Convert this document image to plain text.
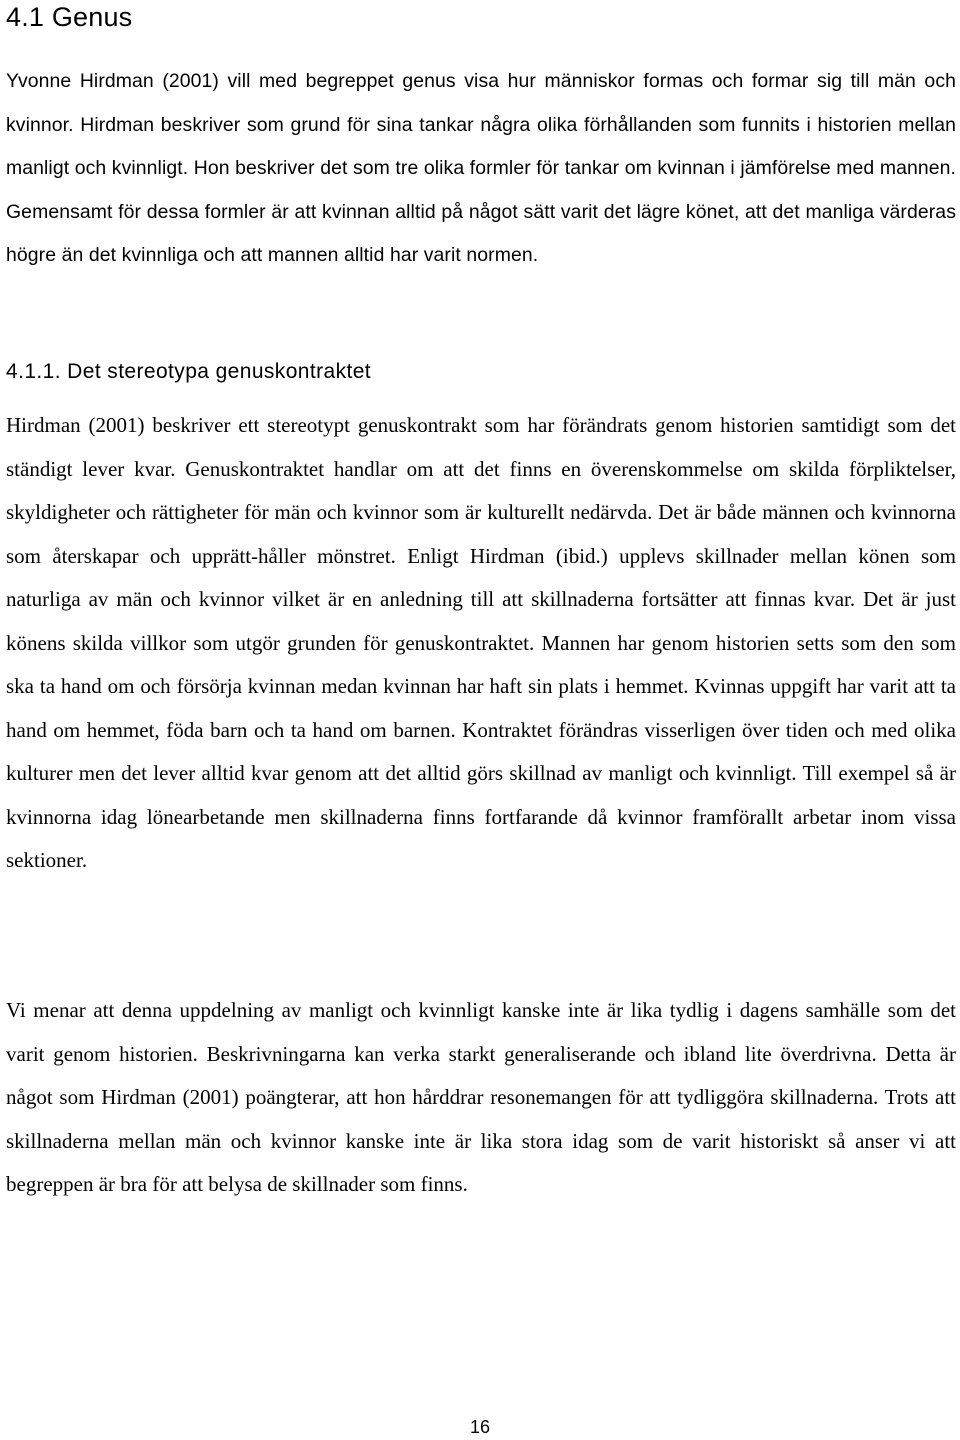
4.1 Genus

Yvonne Hirdman (2001) vill med begreppet genus visa hur människor formas och formar sig till män och kvinnor. Hirdman beskriver som grund för sina tankar några olika förhållanden som funnits i historien mellan manligt och kvinnligt. Hon beskriver det som tre olika formler för tankar om kvinnan i jämförelse med mannen. Gemensamt för dessa formler är att kvinnan alltid på något sätt varit det lägre könet, att det manliga värderas högre än det kvinnliga och att mannen alltid har varit normen.

4.1.1. Det stereotypa genuskontraktet

Hirdman (2001) beskriver ett stereotypt genuskontrakt som har förändrats genom historien samtidigt som det ständigt lever kvar. Genuskontraktet handlar om att det finns en överenskommelse om skilda förpliktelser, skyldigheter och rättigheter för män och kvinnor som är kulturellt nedärvda. Det är både männen och kvinnorna som återskapar och upprätt-håller mönstret. Enligt Hirdman (ibid.) upplevs skillnader mellan könen som naturliga av män och kvinnor vilket är en anledning till att skillnaderna fortsätter att finnas kvar. Det är just könens skilda villkor som utgör grunden för genuskontraktet. Mannen har genom historien setts som den som ska ta hand om och försörja kvinnan medan kvinnan har haft sin plats i hemmet. Kvinnas uppgift har varit att ta hand om hemmet, föda barn och ta hand om barnen. Kontraktet förändras visserligen över tiden och med olika kulturer men det lever alltid kvar genom att det alltid görs skillnad av manligt och kvinnligt. Till exempel så är kvinnorna idag lönearbetande men skillnaderna finns fortfarande då kvinnor framförallt arbetar inom vissa sektioner.

Vi menar att denna uppdelning av manligt och kvinnligt kanske inte är lika tydlig i dagens samhälle som det varit genom historien. Beskrivningarna kan verka starkt generaliserande och ibland lite överdrivna. Detta är något som Hirdman (2001) poängterar, att hon hårddrar resonemangen för att tydliggöra skillnaderna. Trots att skillnaderna mellan män och kvinnor kanske inte är lika stora idag som de varit historiskt så anser vi att begreppen är bra för att belysa de skillnader som finns.

16
